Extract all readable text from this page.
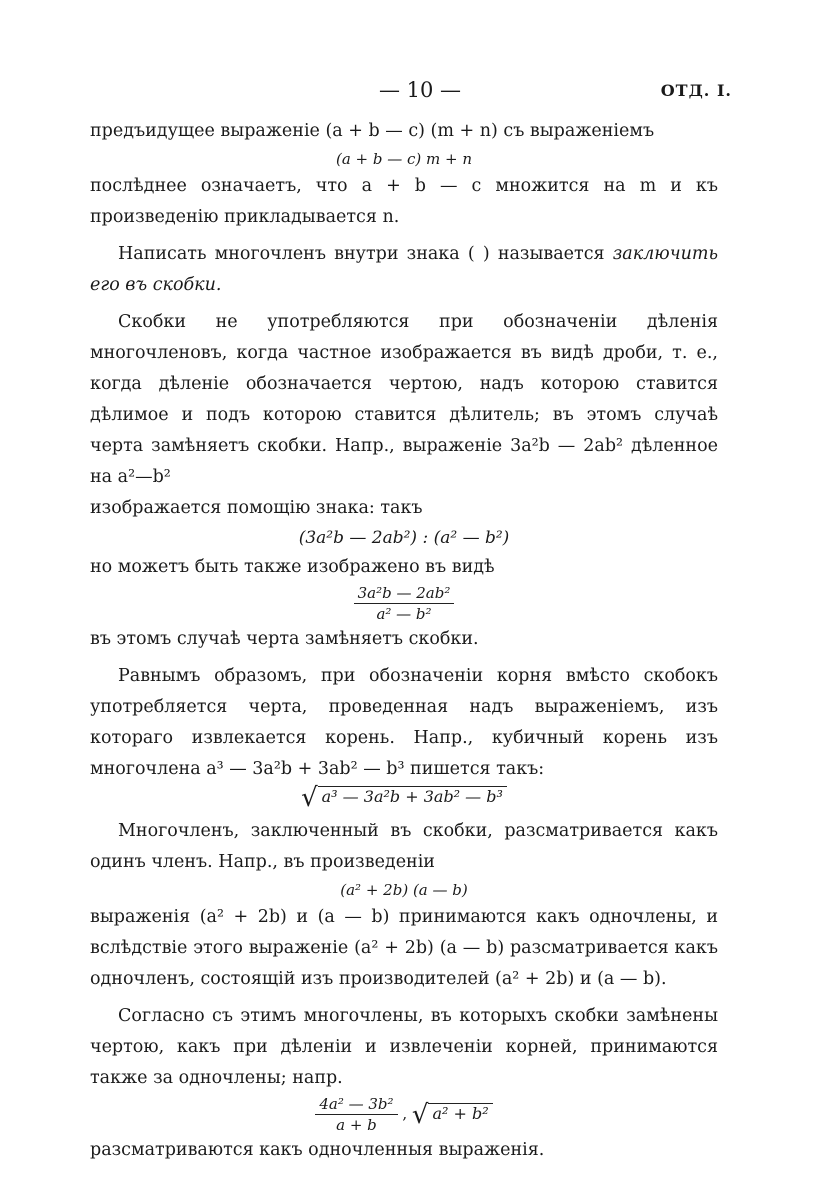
— 10 —	ОТД. I.

предъидущее выраженіе (a + b — c) (m + n) съ выраженіемъ

(a + b — c) m + n

послѣднее означаетъ, что a + b — c множится на m и къ произведенію прикладывается n.

Написать многочленъ внутри знака ( ) называется заключить его въ скобки.

Скобки не употребляются при обозначеніи дѣленія многочленовъ, когда частное изображается въ видѣ дроби, т. е., когда дѣленіе обозначается чертою, надъ которою ставится дѣлимое и подъ которою ставится дѣлитель; въ этомъ случаѣ черта замѣняетъ скобки. Напр., выраженіе 3a²b — 2ab² дѣленное на a²—b²

изображается помощію знака: такъ

(3a²b — 2ab²) : (a² — b²)

но можетъ быть также изображено въ видѣ

$\frac{\text{3a²b — 2ab²}}{\text{a² — b²}}$

въ этомъ случаѣ черта замѣняетъ скобки.

Равнымъ образомъ, при обозначеніи корня вмѣсто скобокъ употребляется черта, проведенная надъ выраженіемъ, изъ котораго извлекается корень. Напр., кубичный корень изъ многочлена a³ — 3a²b + 3ab² — b³ пишется такъ:

√ a³ — 3a²b + 3ab² — b³

Многочленъ, заключенный въ скобки, разсматривается какъ одинъ членъ. Напр., въ произведеніи

(a² + 2b) (a — b)

выраженія (a² + 2b) и (a — b) принимаются какъ одночлены, и вслѣдствіе этого выраженіе (a² + 2b) (a — b) разсматривается какъ одночленъ, состоящій изъ производителей (a² + 2b) и (a — b).

Согласно съ этимъ многочлены, въ которыхъ скобки замѣнены чертою, какъ при дѣленіи и извлеченіи корней, принимаются также за одночлены; напр.

$\frac{\text{4a² — 3b²}}{a + b}$ , √ a² + b²

разсматриваются какъ одночленныя выраженія.
